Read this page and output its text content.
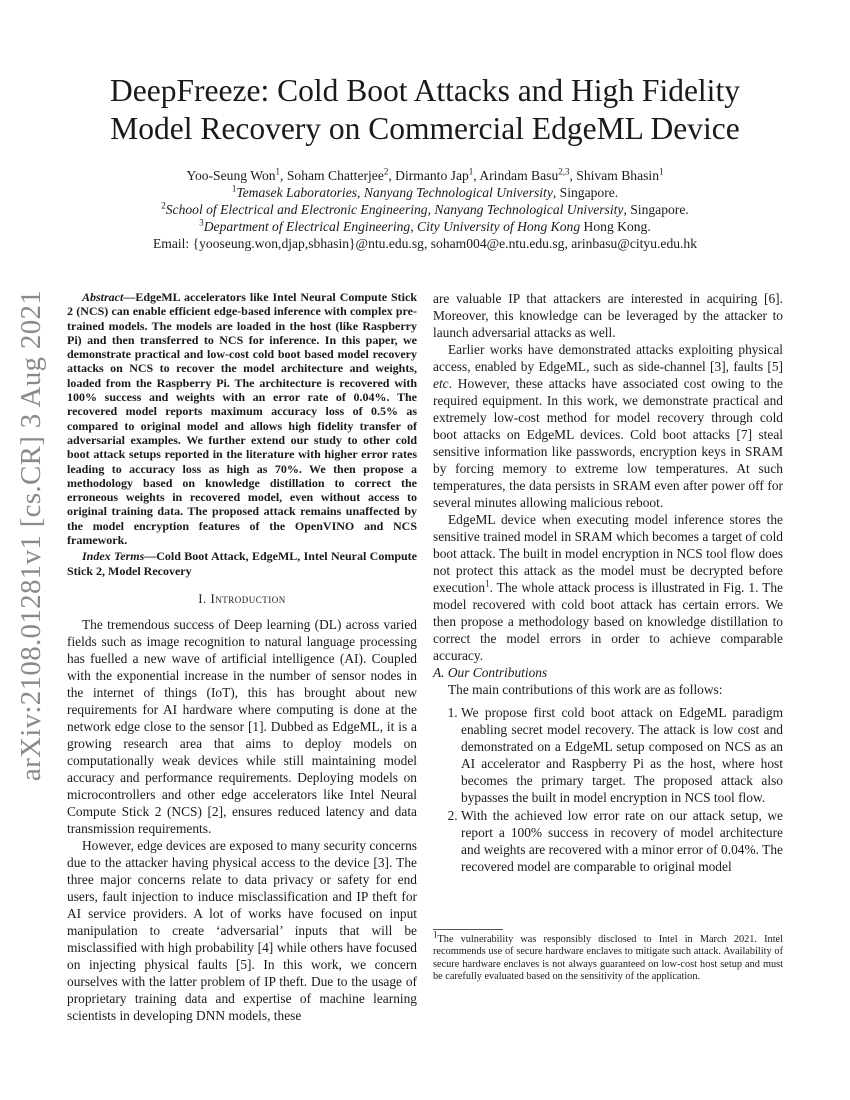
arXiv:2108.01281v1 [cs.CR] 3 Aug 2021
DeepFreeze: Cold Boot Attacks and High Fidelity
Model Recovery on Commercial EdgeML Device
Yoo-Seung Won$^1$, Soham Chatterjee$^2$, Dirmanto Jap$^1$, Arindam Basu$^{2,3}$, Shivam Bhasin$^1$
$^1$Temasek Laboratories, Nanyang Technological University, Singapore.
$^2$School of Electrical and Electronic Engineering, Nanyang Technological University, Singapore.
$^3$Department of Electrical Engineering, City University of Hong Kong Hong Kong.
Email: {yooseung.won,djap,sbhasin}@ntu.edu.sg, soham004@e.ntu.edu.sg, arinbasu@cityu.edu.hk

Abstract—EdgeML accelerators like Intel Neural Compute Stick 2 (NCS) can enable efficient edge-based inference with complex pre-trained models. The models are loaded in the host (like Raspberry Pi) and then transferred to NCS for inference. In this paper, we demonstrate practical and low-cost cold boot based model recovery attacks on NCS to recover the model architecture and weights, loaded from the Raspberry Pi. The architecture is recovered with 100% success and weights with an error rate of 0.04%. The recovered model reports maximum accuracy loss of 0.5% as compared to original model and allows high fidelity transfer of adversarial examples. We further extend our study to other cold boot attack setups reported in the literature with higher error rates leading to accuracy loss as high as 70%. We then propose a methodology based on knowledge distillation to correct the erroneous weights in recovered model, even without access to original training data. The proposed attack remains unaffected by the model encryption features of the OpenVINO and NCS framework.

Index Terms—Cold Boot Attack, EdgeML, Intel Neural Compute Stick 2, Model Recovery

I. Introduction

The tremendous success of Deep learning (DL) across varied fields such as image recognition to natural language processing has fuelled a new wave of artificial intelligence (AI). Coupled with the exponential increase in the number of sensor nodes in the internet of things (IoT), this has brought about new requirements for AI hardware where computing is done at the network edge close to the sensor [1]. Dubbed as EdgeML, it is a growing research area that aims to deploy models on computationally weak devices while still maintaining model accuracy and performance requirements. Deploying models on microcontrollers and other edge accelerators like Intel Neural Compute Stick 2 (NCS) [2], ensures reduced latency and data transmission requirements.

However, edge devices are exposed to many security concerns due to the attacker having physical access to the device [3]. The three major concerns relate to data privacy or safety for end users, fault injection to induce misclassification and IP theft for AI service providers. A lot of works have focused on input manipulation to create ‘adversarial’ inputs that will be misclassified with high probability [4] while others have focused on injecting physical faults [5]. In this work, we concern ourselves with the latter problem of IP theft. Due to the usage of proprietary training data and expertise of machine learning scientists in developing DNN models, these

are valuable IP that attackers are interested in acquiring [6]. Moreover, this knowledge can be leveraged by the attacker to launch adversarial attacks as well.

Earlier works have demonstrated attacks exploiting physical access, enabled by EdgeML, such as side-channel [3], faults [5] etc. However, these attacks have associated cost owing to the required equipment. In this work, we demonstrate practical and extremely low-cost method for model recovery through cold boot attacks on EdgeML devices. Cold boot attacks [7] steal sensitive information like passwords, encryption keys in SRAM by forcing memory to extreme low temperatures. At such temperatures, the data persists in SRAM even after power off for several minutes allowing malicious reboot.

EdgeML device when executing model inference stores the sensitive trained model in SRAM which becomes a target of cold boot attack. The built in model encryption in NCS tool flow does not protect this attack as the model must be decrypted before execution$^1$. The whole attack process is illustrated in Fig. 1. The model recovered with cold boot attack has certain errors. We then propose a methodology based on knowledge distillation to correct the model errors in order to achieve comparable accuracy.

A. Our Contributions

The main contributions of this work are as follows:

1. We propose first cold boot attack on EdgeML paradigm enabling secret model recovery. The attack is low cost and demonstrated on a EdgeML setup composed on NCS as an AI accelerator and Raspberry Pi as the host, where host becomes the primary target. The proposed attack also bypasses the built in model encryption in NCS tool flow.
2. With the achieved low error rate on our attack setup, we report a 100% success in recovery of model architecture and weights are recovered with a minor error of 0.04%. The recovered model are comparable to original model
$^1$The vulnerability was responsibly disclosed to Intel in March 2021. Intel recommends use of secure hardware enclaves to mitigate such attack. Availability of secure hardware enclaves is not always guaranteed on low-cost host setup and must be carefully evaluated based on the sensitivity of the application.
